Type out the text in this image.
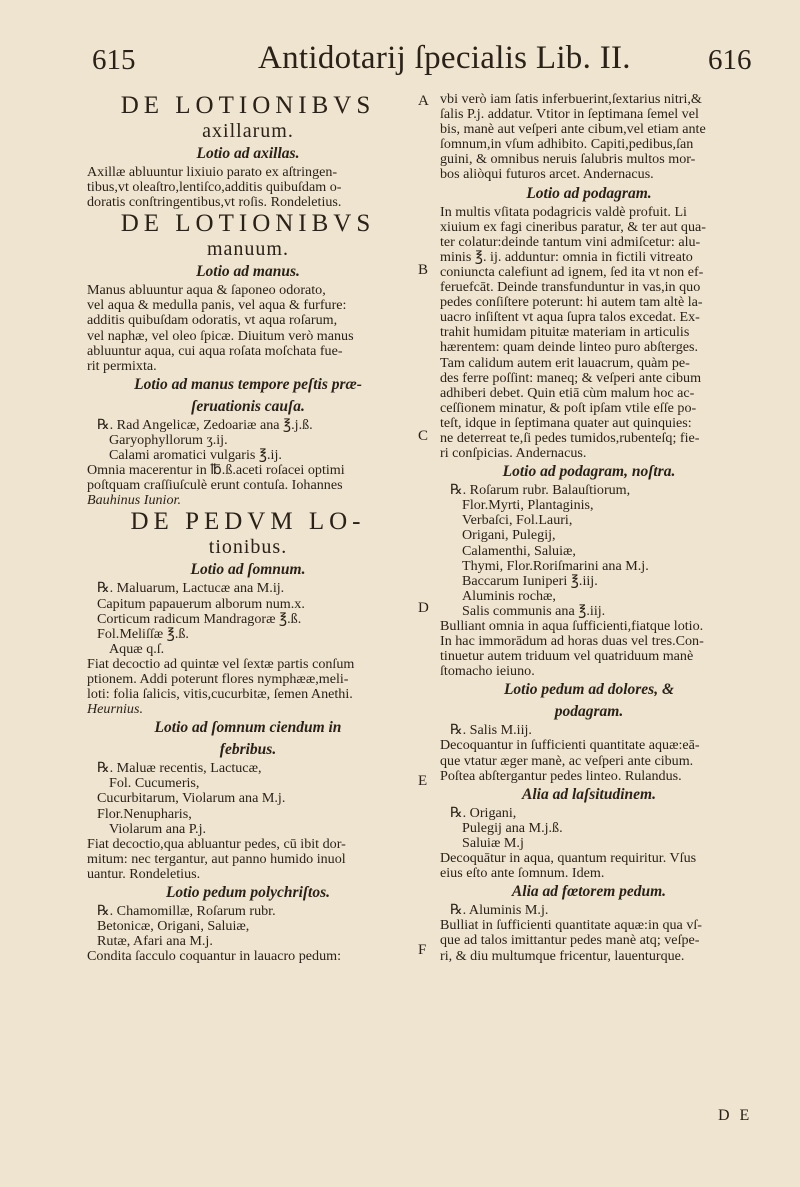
615	Antidotarij ſpecialis Lib. II.	616
DE LOTIONIBVS
axillarum.
Lotio ad axillas.
Axillæ abluuntur lixiuio parato ex aſtringen-
tibus,vt oleaſtro,lentiſco,additis quibuſdam o-
doratis conſtringentibus,vt roſis. Rondeletius.
DE LOTIONIBVS
manuum.
Lotio ad manus.
Manus abluuntur aqua & ſaponeo odorato,
vel aqua & medulla panis, vel aqua & furfure:
additis quibuſdam odoratis, vt aqua roſarum,
vel naphæ, vel oleo ſpicæ. Diuitum verò manus
abluuntur aqua, cui aqua roſata moſchata fue-
rit permixta.
Lotio ad manus tempore peſtis præ-
ſeruationis cauſa.
℞. Rad Angelicæ, Zedoariæ ana ℥.j.ß.
Garyophyllorum ʒ.ij.
Calami aromatici vulgaris ℥.ij.
Omnia macerentur in ℔.ß.aceti roſacei optimi
poſtquam craſſiuſculè erunt contuſa. Iohannes
Bauhinus Iunior.
DE PEDVM LO-
tionibus.
Lotio ad ſomnum.
℞. Maluarum, Lactucæ ana M.ij.
Capitum papauerum alborum num.x.
Corticum radicum Mandragoræ ℥.ß.
Fol.Meliſſæ ℥.ß.
Aquæ q.ſ.
Fiat decoctio ad quintæ vel ſextæ partis conſum
ptionem. Addi poterunt flores nymphææ,meli-
loti: folia ſalicis, vitis,cucurbitæ, ſemen Anethi.
Heurnius.
Lotio ad ſomnum ciendum in
febribus.
℞. Maluæ recentis, Lactucæ,
Fol. Cucumeris,
Cucurbitarum, Violarum ana M.j.
Flor.Nenupharis,
Violarum ana P.j.
Fiat decoctio,qua abluantur pedes, cū ibit dor-
mitum: nec tergantur, aut panno humido inuol
uantur. Rondeletius.
Lotio pedum polychriſtos.
℞. Chamomillæ, Roſarum rubr.
Betonicæ, Origani, Saluiæ,
Rutæ, Afari ana M.j.
Condita ſacculo coquantur in lauacro pedum:
A
B
C
D
E
F
vbi verò iam ſatis inferbuerint,ſextarius nitri,&
ſalis P.j. addatur. Vtitor in ſeptimana ſemel vel
bis, manè aut veſperi ante cibum,vel etiam ante
ſomnum,in vſum adhibito. Capiti,pedibus,ſan
guini, & omnibus neruis ſalubris multos mor-
bos aliòqui futuros arcet. Andernacus.
Lotio ad podagram.
In multis vſitata podagricis valdè profuit. Li
xiuium ex fagi cineribus paratur, & ter aut qua-
ter colatur:deinde tantum vini admiſcetur: alu-
minis ℥. ij. adduntur: omnia in fictili vitreato
coniuncta calefiunt ad ignem, ſed ita vt non ef-
feruefcāt. Deinde transfunduntur in vas,in quo
pedes conſiſtere poterunt: hi autem tam altè la-
uacro inſiſtent vt aqua ſupra talos excedat. Ex-
trahit humidam pituitæ materiam in articulis
hærentem: quam deinde linteo puro abſterges.
Tam calidum autem erit lauacrum, quàm pe-
des ferre poſſint: maneq; & veſperi ante cibum
adhiberi debet. Quin etiā cùm malum hoc ac-
ceſſionem minatur, & poſt ipſam vtile eſſe po-
teſt, idque in ſeptimana quater aut quinquies:
ne deterreat te,ſi pedes tumidos,rubenteſq; fie-
ri conſpicias. Andernacus.
Lotio ad podagram, noſtra.
℞. Roſarum rubr. Balauſtiorum,
Flor.Myrti, Plantaginis,
Verbaſci, Fol.Lauri,
Origani, Pulegij,
Calamenthi, Saluiæ,
Thymi, Flor.Roriſmarini ana M.j.
Baccarum Iuniperi ℥.iij.
Aluminis rochæ,
Salis communis ana ℥.iij.
Bulliant omnia in aqua ſufficienti,fiatque lotio.
In hac immorādum ad horas duas vel tres.Con-
tinuetur autem triduum vel quatriduum manè
ſtomacho ieiuno.
Lotio pedum ad dolores, &
podagram.
℞. Salis M.iij.
Decoquantur in ſufficienti quantitate aquæ:eā-
que vtatur æger manè, ac veſperi ante cibum.
Poſtea abſtergantur pedes linteo. Rulandus.
Alia ad laſsitudinem.
℞. Origani,
Pulegij ana M.j.ß.
Saluiæ M.j
Decoquātur in aqua, quantum requiritur. Vſus
eius eſto ante ſomnum. Idem.
Alia ad fœtorem pedum.
℞. Aluminis M.j.
Bulliat in ſufficienti quantitate aquæ:in qua vſ-
que ad talos imittantur pedes manè atq; veſpe-
ri, & diu multumque fricentur, lauenturque.
D E
